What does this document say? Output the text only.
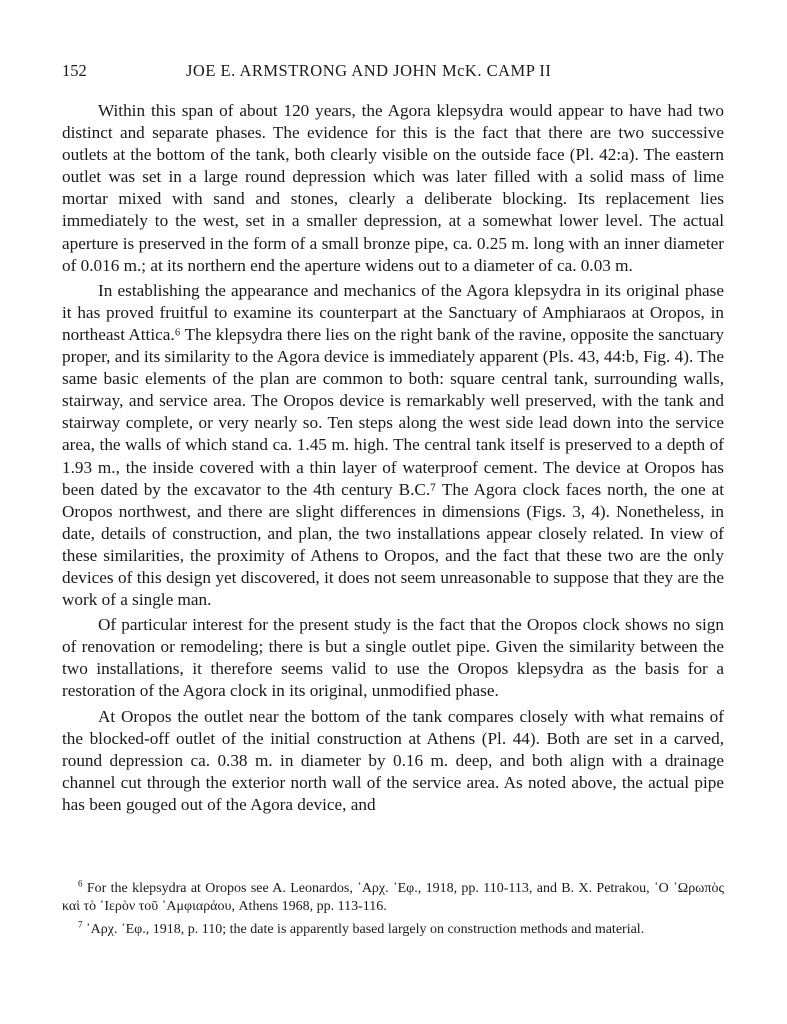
152	JOE E. ARMSTRONG AND JOHN McK. CAMP II

Within this span of about 120 years, the Agora klepsydra would appear to have had two distinct and separate phases. The evidence for this is the fact that there are two successive outlets at the bottom of the tank, both clearly visible on the outside face (Pl. 42:a). The eastern outlet was set in a large round depression which was later filled with a solid mass of lime mortar mixed with sand and stones, clearly a deliberate blocking. Its replacement lies immediately to the west, set in a smaller depression, at a somewhat lower level. The actual aperture is preserved in the form of a small bronze pipe, ca. 0.25 m. long with an inner diameter of 0.016 m.; at its northern end the aperture widens out to a diameter of ca. 0.03 m.

In establishing the appearance and mechanics of the Agora klepsydra in its original phase it has proved fruitful to examine its counterpart at the Sanctuary of Amphiaraos at Oropos, in northeast Attica.⁶ The klepsydra there lies on the right bank of the ravine, opposite the sanctuary proper, and its similarity to the Agora device is immediately apparent (Pls. 43, 44:b, Fig. 4). The same basic elements of the plan are common to both: square central tank, surrounding walls, stairway, and service area. The Oropos device is remarkably well preserved, with the tank and stairway complete, or very nearly so. Ten steps along the west side lead down into the service area, the walls of which stand ca. 1.45 m. high. The central tank itself is preserved to a depth of 1.93 m., the inside covered with a thin layer of waterproof cement. The device at Oropos has been dated by the excavator to the 4th century B.C.⁷ The Agora clock faces north, the one at Oropos northwest, and there are slight differences in dimensions (Figs. 3, 4). Nonetheless, in date, details of construction, and plan, the two installations appear closely related. In view of these similarities, the proximity of Athens to Oropos, and the fact that these two are the only devices of this design yet discovered, it does not seem unreasonable to suppose that they are the work of a single man.

Of particular interest for the present study is the fact that the Oropos clock shows no sign of renovation or remodeling; there is but a single outlet pipe. Given the similarity between the two installations, it therefore seems valid to use the Oropos klepsydra as the basis for a restoration of the Agora clock in its original, unmodified phase.

At Oropos the outlet near the bottom of the tank compares closely with what remains of the blocked-off outlet of the initial construction at Athens (Pl. 44). Both are set in a carved, round depression ca. 0.38 m. in diameter by 0.16 m. deep, and both align with a drainage channel cut through the exterior north wall of the service area. As noted above, the actual pipe has been gouged out of the Agora device, and

$^6$ For the klepsydra at Oropos see A. Leonardos, ᾿Αρχ. ᾿Εφ., 1918, pp. 110-113, and B. X. Petrakou, ῾Ο ᾿Ωρωπὸς καὶ τὸ ῾Ιερὸν τοῦ ᾿Αμφιαράου, Athens 1968, pp. 113-116.

$^7$ ᾿Αρχ. ᾿Εφ., 1918, p. 110; the date is apparently based largely on construction methods and material.
